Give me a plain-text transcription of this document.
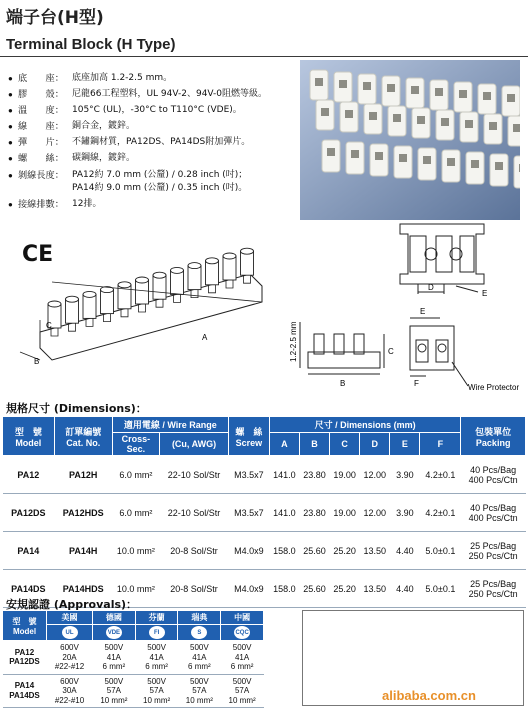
端子台(H型)
Terminal Block (H Type)
● 底　　座： 底座加高 1.2-2.5 mm。
● 膠　　殼： 尼龍66工程塑料，UL 94V-2、94V-0阻燃等級。
● 溫　　度： 105°C (UL)，-30°C to T110°C (VDE)。
● 線　　座： 銅合金，鍍鋅。
● 彈　　片： 不鏽鋼材質，PA12DS、PA14DS附加彈片。
● 螺　　絲： 碳鋼線，鍍鋅。
● 剝線長度： PA12約 7.0 mm (公釐) / 0.28 inch (吋)；
PA14約 9.0 mm (公釐) / 0.35 inch (吋)。
● 接線排數： 12排。
CE
C
A
B
D
E
1.2-2.5 mm
B
C
E
F	Wire Protector
規格尺寸 (Dimensions)：
型　號
Model	訂單編號
Cat. No.	適用電線 / Wire Range		螺　絲
Screw	尺寸 / Dimensions (mm)						包裝單位
Packing
		Cross-Sec.	(Cu, AWG)		A	B	C	D	E	F	
PA12	PA12H	6.0 mm²	22-10 Sol/Str	M3.5x7	141.0	23.80	19.00	12.00	3.90	4.2±0.1	40 Pcs/Bag
400 Pcs/Ctn
PA12DS	PA12HDS	6.0 mm²	22-10 Sol/Str	M3.5x7	141.0	23.80	19.00	12.00	3.90	4.2±0.1	40 Pcs/Bag
400 Pcs/Ctn
PA14	PA14H	10.0 mm²	20-8 Sol/Str	M4.0x9	158.0	25.60	25.20	13.50	4.40	5.0±0.1	25 Pcs/Bag
250 Pcs/Ctn
PA14DS	PA14HDS	10.0 mm²	20-8 Sol/Str	M4.0x9	158.0	25.60	25.20	13.50	4.40	5.0±0.1	25 Pcs/Bag
250 Pcs/Ctn
安規認證 (Approvals)：
型　號
Model	美國	德國	芬蘭	瑞典	中國
	UL	VDE	FI	S	CQC
PA12
PA12DS	600V
20A
#22-#12	500V
41A
6 mm²	500V
41A
6 mm²	500V
41A
6 mm²	500V
41A
6 mm²
PA14
PA14DS	600V
30A
#22-#10	500V
57A
10 mm²	500V
57A
10 mm²	500V
57A
10 mm²	500V
57A
10 mm²	alibaba.com.cn
